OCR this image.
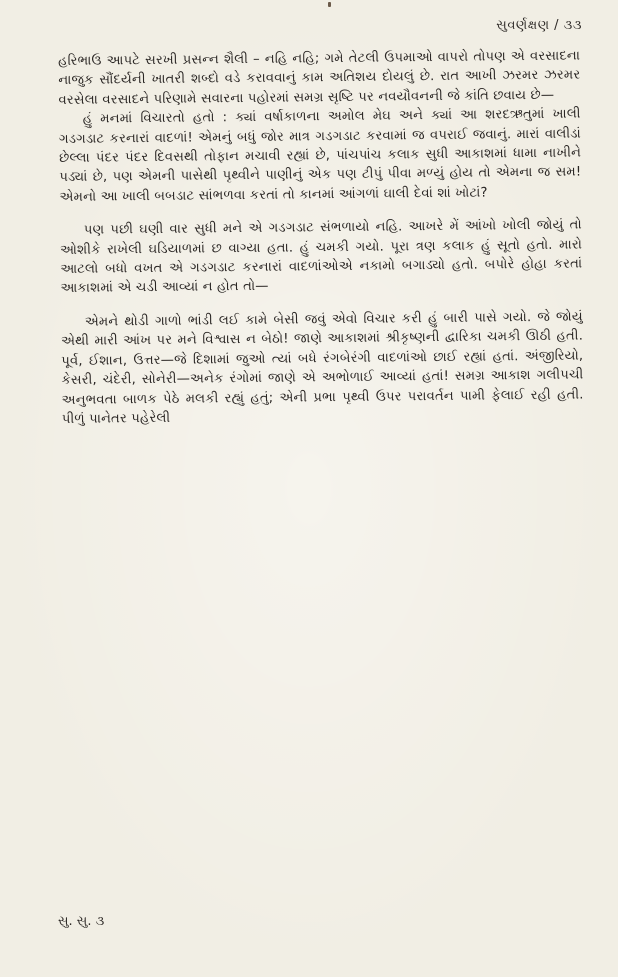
સુવર્ણક્ષણ / ૩૩

હરિભાઉ આપટે સરખી પ્રસન્ન શૈલી – નહિ નહિ; ગમે તેટલી ઉપમાઓ વાપરો તોપણ એ વરસાદના નાજુક સૌંદર્યની ખાતરી શબ્દો વડે કરાવવાનું કામ અતિશય દોયલું છે. રાત આખી ઝરમર ઝરમર વરસેલા વરસાદને પરિણામે સવારના પહોરમાં સમગ્ર સૃષ્ટિ પર નવયૌવનની જે કાંતિ છવાય છે—

હું મનમાં વિચારતો હતો : ક્યાં વર્ષાકાળના અમોલ મેઘ અને ક્યાં આ શરદઋતુમાં ખાલી ગડગડાટ કરનારાં વાદળાં! એમનું બધું જોર માત્ર ગડગડાટ કરવામાં જ વપરાઈ જવાનું. મારાં વાલીડાં છેલ્લા પંદર પંદર દિવસથી તોફાન મચાવી રહ્યાં છે, પાંચપાંચ કલાક સુધી આકાશમાં ધામા નાખીને પડ્યાં છે, પણ એમની પાસેથી પૃથ્વીને પાણીનું એક પણ ટીપું પીવા મળ્યું હોય તો એમના જ સમ! એમનો આ ખાલી બબડાટ સાંભળવા કરતાં તો કાનમાં આંગળાં ઘાલી દેવાં શાં ખોટાં?

પણ પછી ઘણી વાર સુધી મને એ ગડગડાટ સંભળાયો નહિ. આખરે મેં આંખો ખોલી જોયું તો ઓશીકે રાખેલી ઘડિયાળમાં છ વાગ્યા હતા. હું ચમકી ગયો. પૂરા ત્રણ કલાક હું સૂતો હતો. મારો આટલો બધો વખત એ ગડગડાટ કરનારાં વાદળાંઓએ નકામો બગાડ્યો હતો. બપોરે હોહા કરતાં આકાશમાં એ ચડી આવ્યાં ન હોત તો—

એમને થોડી ગાળો ભાંડી લઈ કામે બેસી જવું એવો વિચાર કરી હું બારી પાસે ગયો. જે જોયું એથી મારી આંખ પર મને વિશ્વાસ ન બેઠો! જાણે આકાશમાં શ્રીકૃષ્ણની દ્વારિકા ચમકી ઊઠી હતી. પૂર્વ, ઈશાન, ઉત્તર—જે દિશામાં જુઓ ત્યાં બધે રંગબેરંગી વાદળાંઓ છાઈ રહ્યાં હતાં. અંજીરિયો, કેસરી, ચંદેરી, સોનેરી—અનેક રંગોમાં જાણે એ અભોળાઈ આવ્યાં હતાં! સમગ્ર આકાશ ગલીપચી અનુભવતા બાળક પેઠે મલકી રહ્યું હતું; એની પ્રભા પૃથ્વી ઉપર પરાવર્તન પામી ફેલાઈ રહી હતી. પીળું પાનેતર પહેરેલી

સુ. સુ. ૩
